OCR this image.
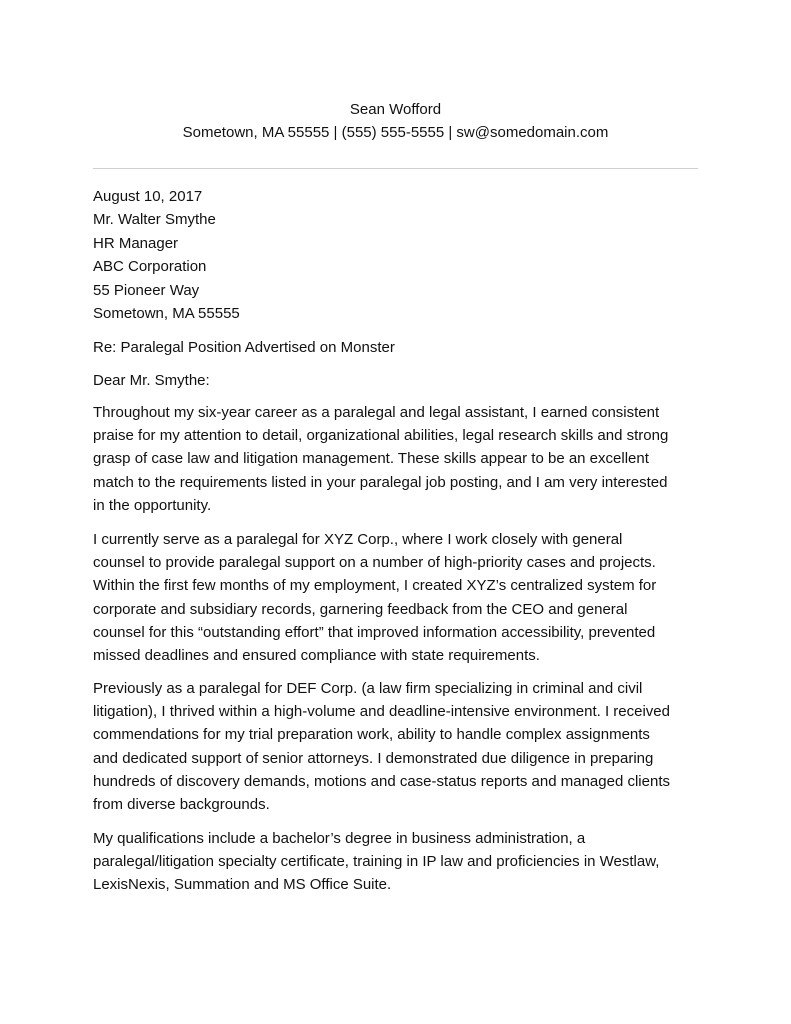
Sean Wofford
Sometown, MA 55555 | (555) 555-5555 | sw@somedomain.com
August 10, 2017
Mr. Walter Smythe
HR Manager
ABC Corporation
55 Pioneer Way
Sometown, MA 55555
Re: Paralegal Position Advertised on Monster
Dear Mr. Smythe:
Throughout my six-year career as a paralegal and legal assistant, I earned consistent
praise for my attention to detail, organizational abilities, legal research skills and strong
grasp of case law and litigation management. These skills appear to be an excellent
match to the requirements listed in your paralegal job posting, and I am very interested
in the opportunity.
I currently serve as a paralegal for XYZ Corp., where I work closely with general
counsel to provide paralegal support on a number of high-priority cases and projects.
Within the first few months of my employment, I created XYZ’s centralized system for
corporate and subsidiary records, garnering feedback from the CEO and general
counsel for this “outstanding effort” that improved information accessibility, prevented
missed deadlines and ensured compliance with state requirements.
Previously as a paralegal for DEF Corp. (a law firm specializing in criminal and civil
litigation), I thrived within a high-volume and deadline-intensive environment. I received
commendations for my trial preparation work, ability to handle complex assignments
and dedicated support of senior attorneys. I demonstrated due diligence in preparing
hundreds of discovery demands, motions and case-status reports and managed clients
from diverse backgrounds.
My qualifications include a bachelor’s degree in business administration, a
paralegal/litigation specialty certificate, training in IP law and proficiencies in Westlaw,
LexisNexis, Summation and MS Office Suite.
